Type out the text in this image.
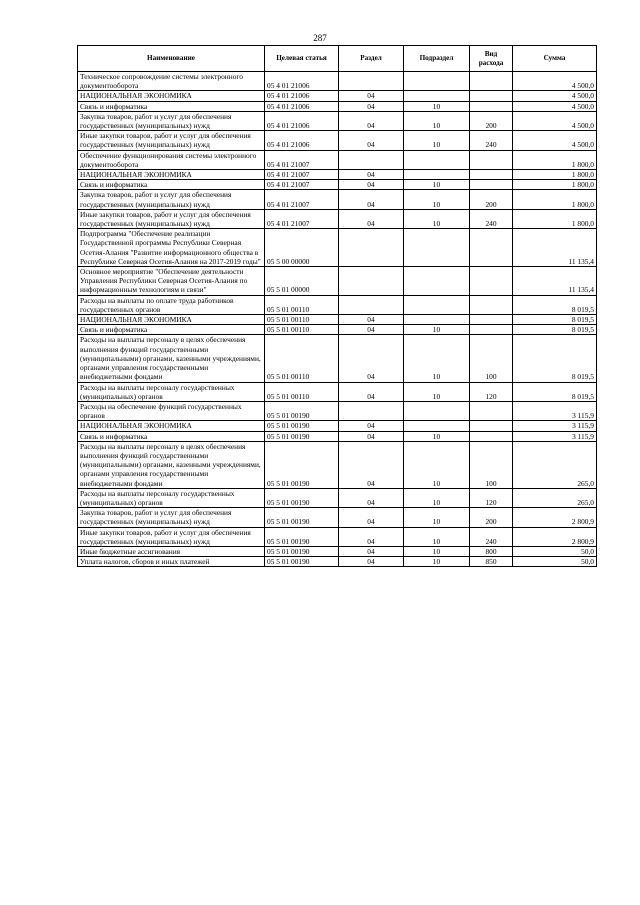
287
Наименование	Целевая статья	Раздел	Подраздел	Вид расхода	Сумма
Техническое сопровождение системы электронного документооборота	05 4 01 21006				4 500,0
НАЦИОНАЛЬНАЯ ЭКОНОМИКА	05 4 01 21006	04			4 500,0
Связь и информатика	05 4 01 21006	04	10		4 500,0
Закупка товаров, работ и услуг для обеспечения государственных (муниципальных) нужд	05 4 01 21006	04	10	200	4 500,0
Иные закупки товаров, работ и услуг для обеспечения государственных (муниципальных) нужд	05 4 01 21006	04	10	240	4 500,0
Обеспечение функционирования системы электронного документооборота	05 4 01 21007				1 800,0
НАЦИОНАЛЬНАЯ ЭКОНОМИКА	05 4 01 21007	04			1 800,0
Связь и информатика	05 4 01 21007	04	10		1 800,0
Закупка товаров, работ и услуг для обеспечения государственных (муниципальных) нужд	05 4 01 21007	04	10	200	1 800,0
Иные закупки товаров, работ и услуг для обеспечения государственных (муниципальных) нужд	05 4 01 21007	04	10	240	1 800,0
Подпрограмма "Обеспечение реализации Государственной программы Республики Северная Осетия-Алания "Развитие информационного общества в Республике Северная Осетия-Алания на 2017-2019 годы"	05 5 00 00000				11 135,4
Основное мероприятие "Обеспечение деятельности Управления Республики Северная Осетия-Алания по информационным технологиям и связи"	05 5 01 00000				11 135,4
Расходы на выплаты по оплате труда работников государственных органов	05 5 01 00110				8 019,5
НАЦИОНАЛЬНАЯ ЭКОНОМИКА	05 5 01 00110	04			8 019,5
Связь и информатика	05 5 01 00110	04	10		8 019,5
Расходы на выплаты персоналу в целях обеспечения выполнения функций государственными (муниципальными) органами, казенными учреждениями, органами управления государственными внебюджетными фондами	05 5 01 00110	04	10	100	8 019,5
Расходы на выплаты персоналу государственных (муниципальных) органов	05 5 01 00110	04	10	120	8 019,5
Расходы на обеспечение функций государственных органов	05 5 01 00190				3 115,9
НАЦИОНАЛЬНАЯ ЭКОНОМИКА	05 5 01 00190	04			3 115,9
Связь и информатика	05 5 01 00190	04	10		3 115,9
Расходы на выплаты персоналу в целях обеспечения выполнения функций государственными (муниципальными) органами, казенными учреждениями, органами управления государственными внебюджетными фондами	05 5 01 00190	04	10	100	265,0
Расходы на выплаты персоналу государственных (муниципальных) органов	05 5 01 00190	04	10	120	265,0
Закупка товаров, работ и услуг для обеспечения государственных (муниципальных) нужд	05 5 01 00190	04	10	200	2 800,9
Иные закупки товаров, работ и услуг для обеспечения государственных (муниципальных) нужд	05 5 01 00190	04	10	240	2 800,9
Иные бюджетные ассигнования	05 5 01 00190	04	10	800	50,0
Уплата налогов, сборов и иных платежей	05 5 01 00190	04	10	850	50,0
